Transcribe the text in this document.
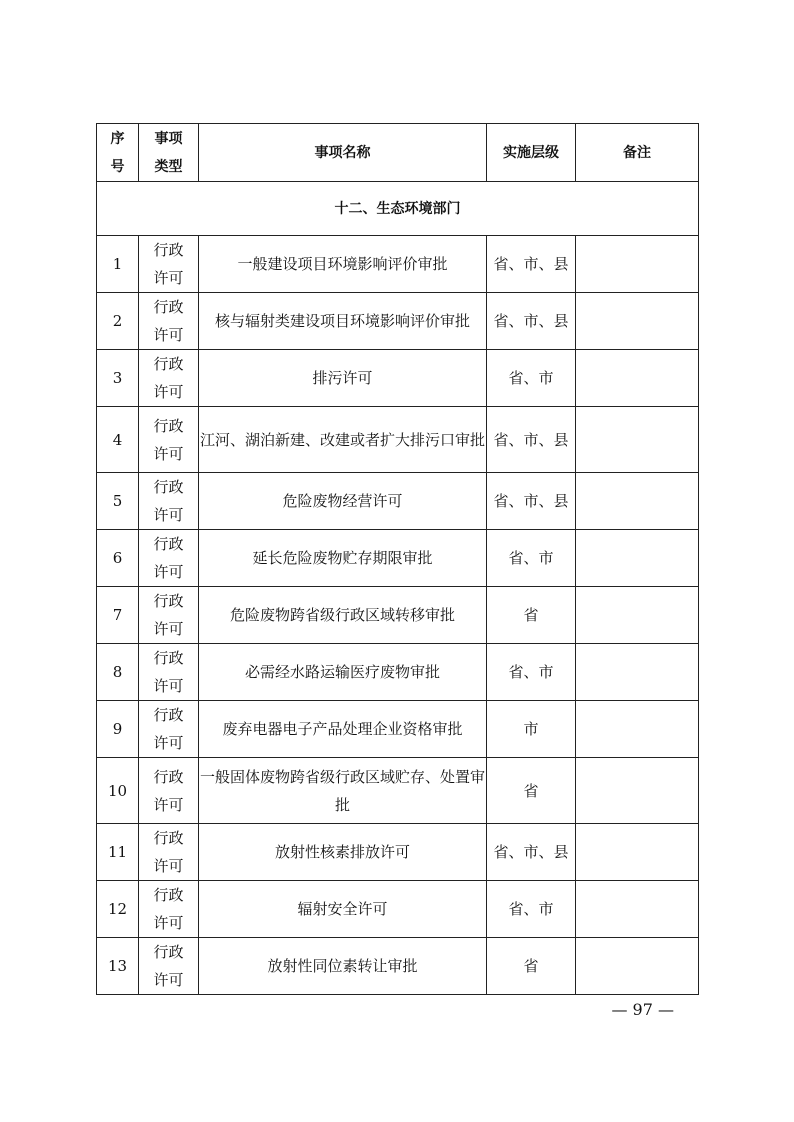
序号	事项类型	事项名称	实施层级	备注
十二、生态环境部门				
1	行政许可	一般建设项目环境影响评价审批	省、市、县	
2	行政许可	核与辐射类建设项目环境影响评价审批	省、市、县	
3	行政许可	排污许可	省、市	
4	行政许可	江河、湖泊新建、改建或者扩大排污口审批	省、市、县	
5	行政许可	危险废物经营许可	省、市、县	
6	行政许可	延长危险废物贮存期限审批	省、市	
7	行政许可	危险废物跨省级行政区域转移审批	省	
8	行政许可	必需经水路运输医疗废物审批	省、市	
9	行政许可	废弃电器电子产品处理企业资格审批	市	
10	行政许可	一般固体废物跨省级行政区域贮存、处置审批	省	
11	行政许可	放射性核素排放许可	省、市、县	
12	行政许可	辐射安全许可	省、市	
13	行政许可	放射性同位素转让审批	省	
— 97 —
